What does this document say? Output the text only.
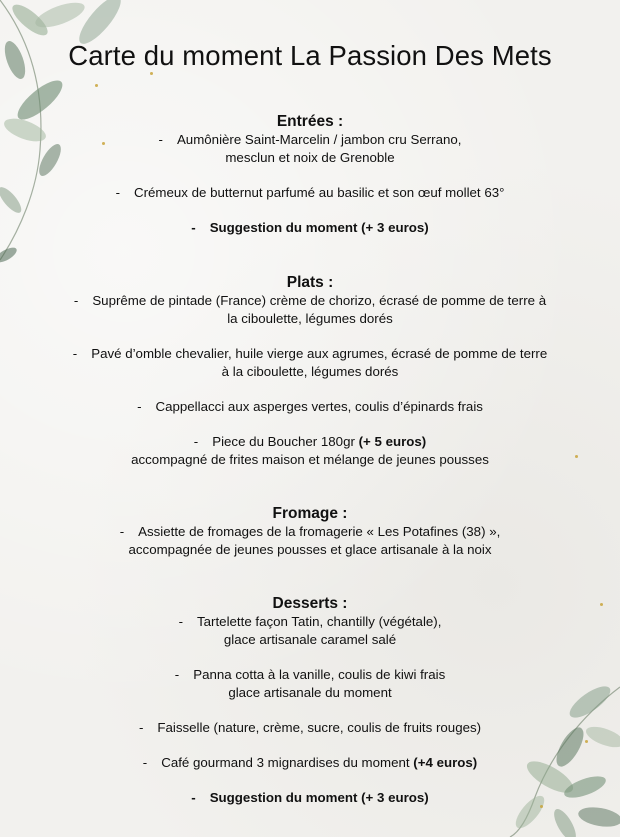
Carte du moment La Passion Des Mets
Entrées :
- Aumônière Saint-Marcelin / jambon cru Serrano,
mesclun et noix de Grenoble
- Crémeux de butternut parfumé au basilic et son œuf mollet 63°
- Suggestion du moment (+ 3 euros)
Plats :
- Suprême de pintade (France) crème de chorizo, écrasé de pomme de terre à
la ciboulette, légumes dorés
- Pavé d’omble chevalier, huile vierge aux agrumes, écrasé de pomme de terre
à la ciboulette, légumes dorés
- Cappellacci aux asperges vertes, coulis d’épinards frais
- Piece du Boucher 180gr (+ 5 euros)
accompagné de frites maison et mélange de jeunes pousses
Fromage :
- Assiette de fromages de la fromagerie « Les Potafines (38) »,
accompagnée de jeunes pousses et glace artisanale à la noix
Desserts :
- Tartelette façon Tatin, chantilly (végétale),
glace artisanale caramel salé
- Panna cotta à la vanille, coulis de kiwi frais
glace artisanale du moment
- Faisselle (nature, crème, sucre, coulis de fruits rouges)
- Café gourmand 3 mignardises du moment (+4 euros)
- Suggestion du moment (+ 3 euros)
